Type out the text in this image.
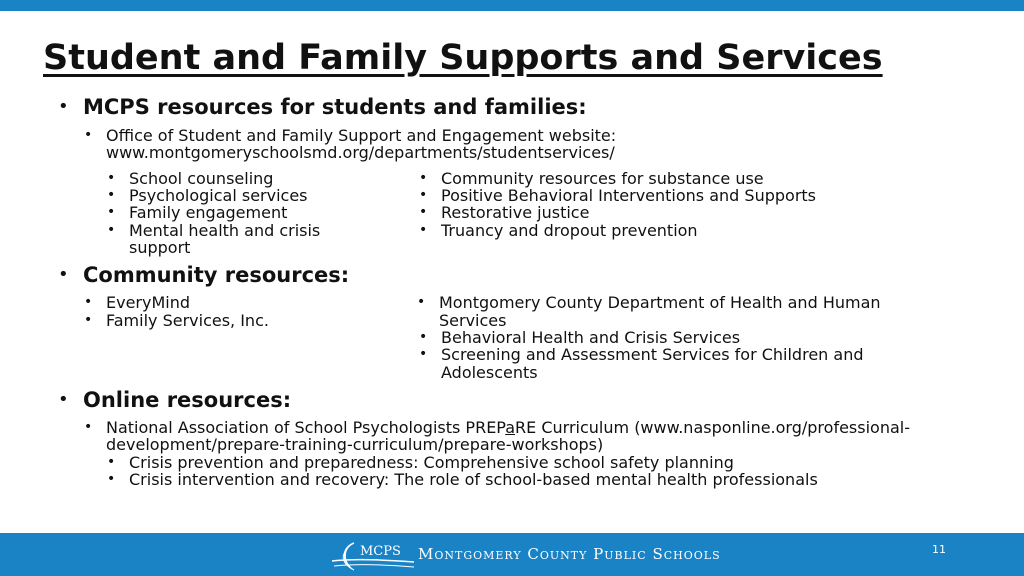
Student and Family Supports and Services
• MCPS resources for students and families:
• Office of Student and Family Support and Engagement website:
www.montgomeryschoolsmd.org/departments/studentservices/
• School counseling
• Psychological services
• Family engagement
• Mental health and crisis
support
• Community resources for substance use
• Positive Behavioral Interventions and Supports
• Restorative justice
• Truancy and dropout prevention
• Community resources:
• EveryMind
• Family Services, Inc.
• Montgomery County Department of Health and Human
Services
• Behavioral Health and Crisis Services
• Screening and Assessment Services for Children and
Adolescents
• Online resources:
• National Association of School Psychologists PREPaRE Curriculum (www.nasponline.org/professional-
development/prepare-training-curriculum/prepare-workshops)
• Crisis prevention and preparedness: Comprehensive school safety planning
• Crisis intervention and recovery: The role of school-based mental health professionals
MCPS Montgomery County Public Schools	11
